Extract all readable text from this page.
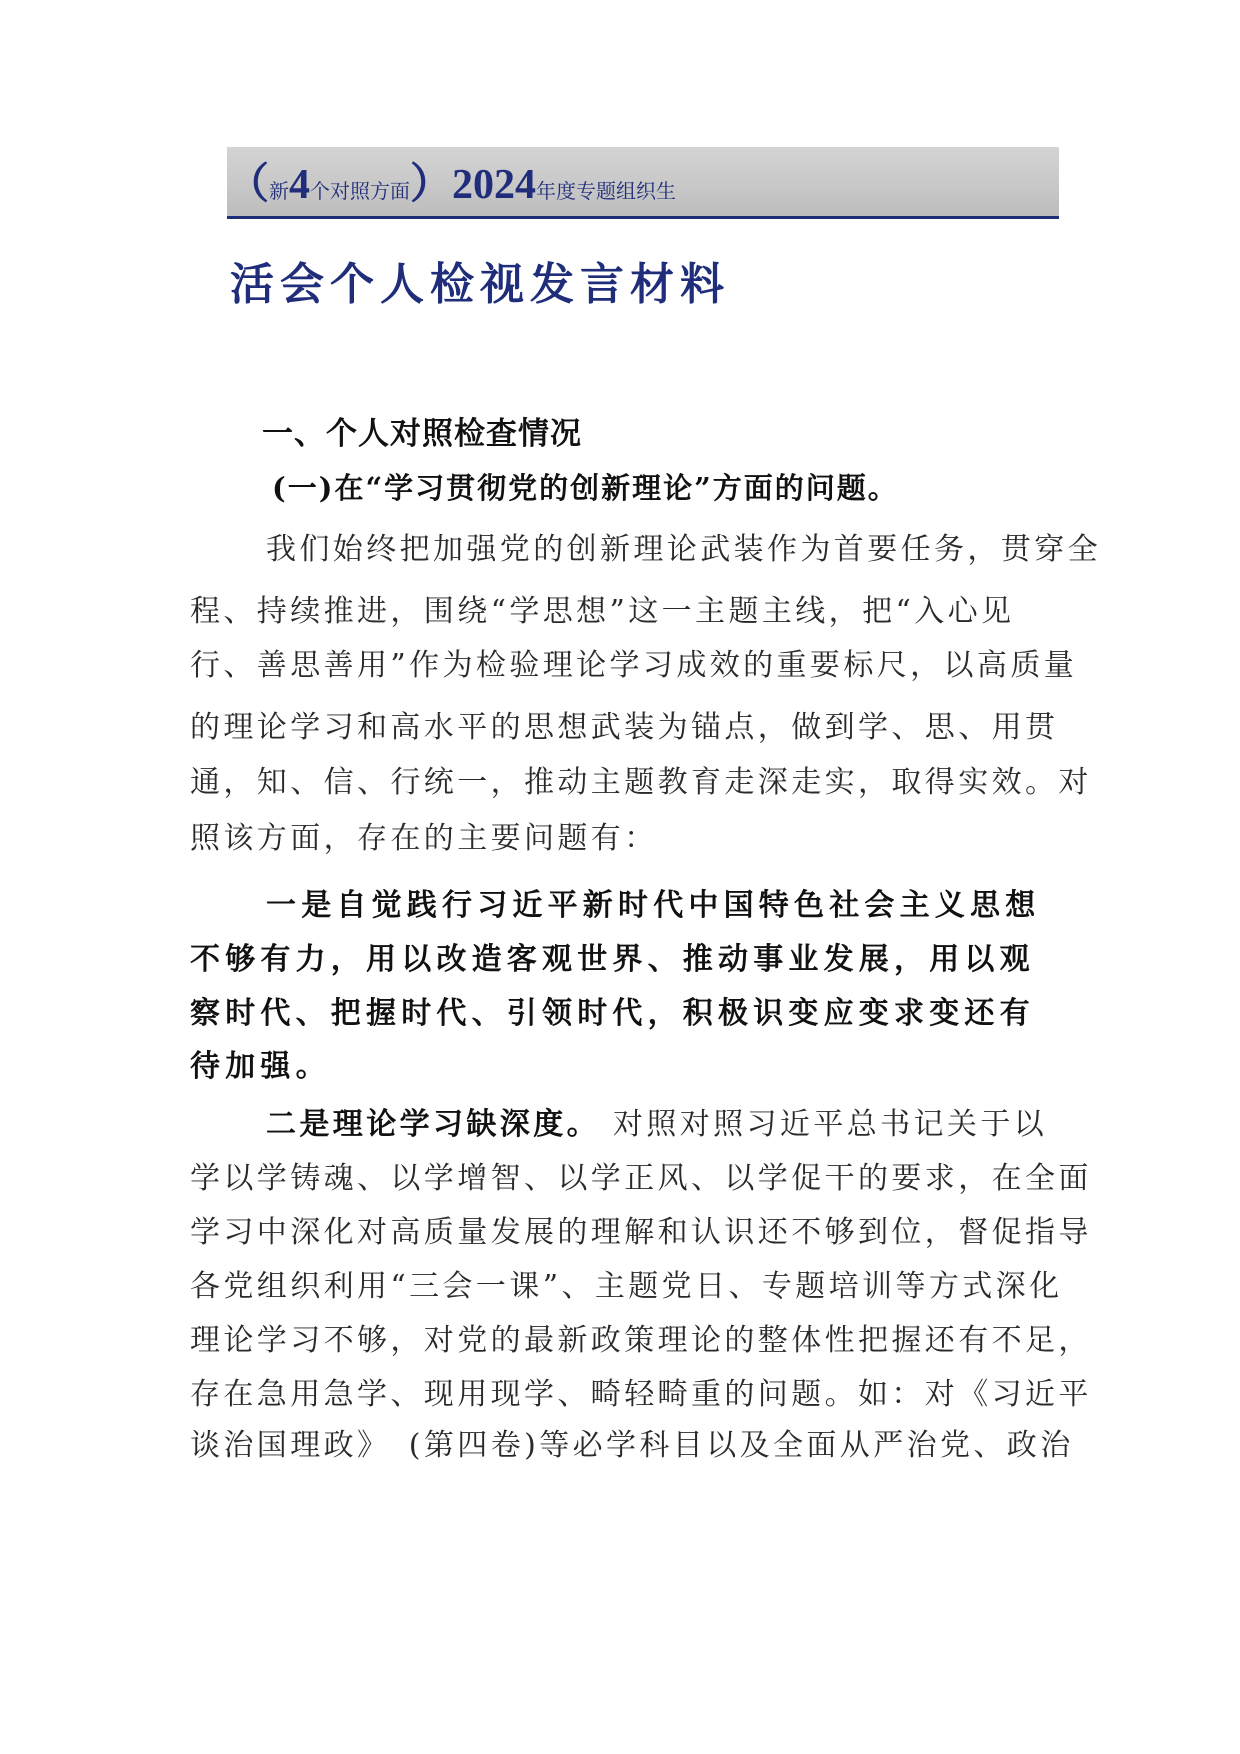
（新4个对照方面）2024年度专题组织生
活会个人检视发言材料
一、个人对照检查情况
(一)在“学习贯彻党的创新理论”方面的问题。
我们始终把加强党的创新理论武装作为首要任务，贯穿全
程、持续推进，围绕“学思想”这一主题主线，把“入心见
行、善思善用”作为检验理论学习成效的重要标尺，以高质量
的理论学习和高水平的思想武装为锚点，做到学、思、用贯
通，知、信、行统一，推动主题教育走深走实，取得实效。对
照该方面，存在的主要问题有：
一是自觉践行习近平新时代中国特色社会主义思想
不够有力，用以改造客观世界、推动事业发展，用以观
察时代、把握时代、引领时代，积极识变应变求变还有
待加强。
二是理论学习缺深度。 对照对照习近平总书记关于以
学以学铸魂、以学增智、以学正风、以学促干的要求，在全面
学习中深化对高质量发展的理解和认识还不够到位，督促指导
各党组织利用“三会一课”、主题党日、专题培训等方式深化
理论学习不够，对党的最新政策理论的整体性把握还有不足，
存在急用急学、现用现学、畸轻畸重的问题。如：对《习近平
谈治国理政》　(第四卷)等必学科目以及全面从严治党、政治
